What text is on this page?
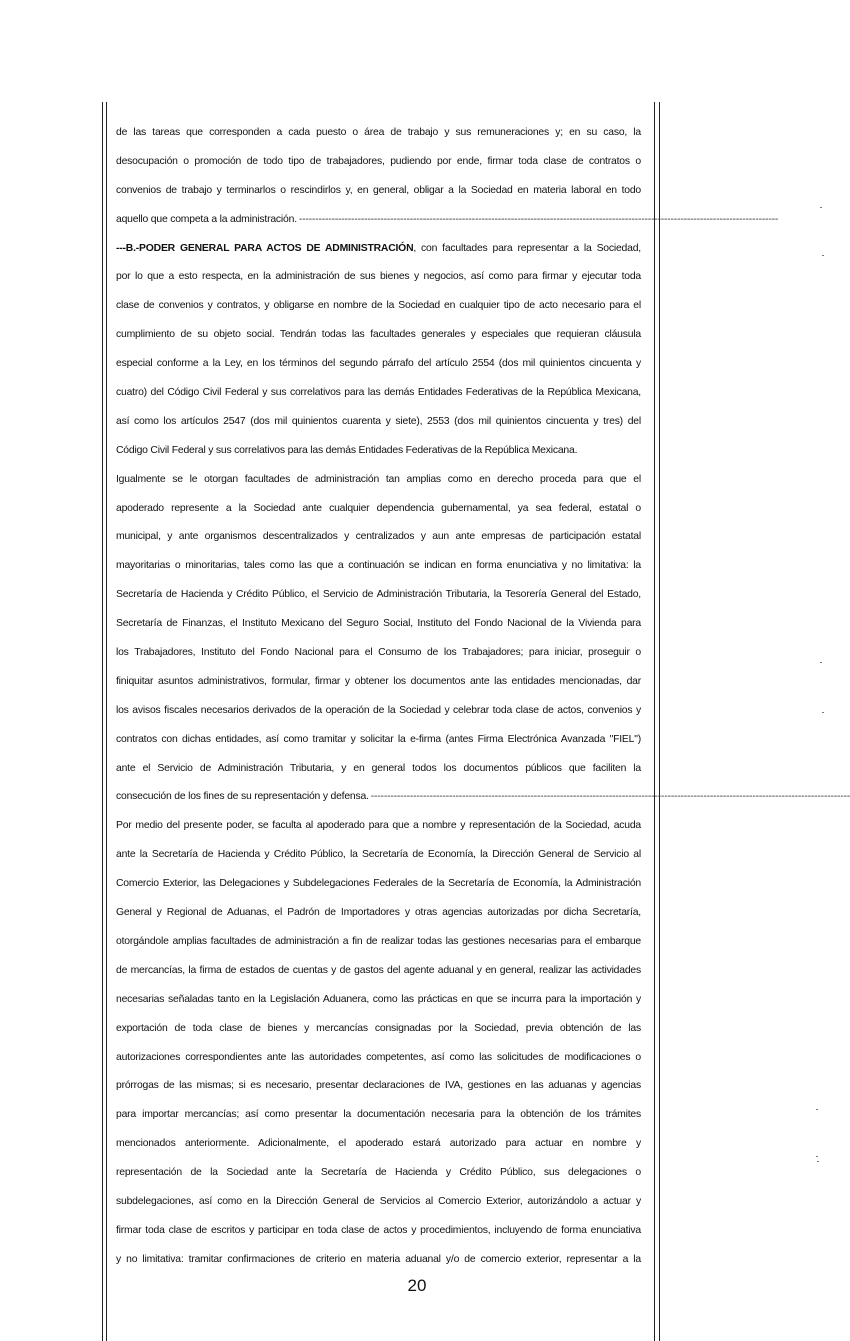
de las tareas que corresponden a cada puesto o área de trabajo y sus remuneraciones y; en su caso, la
desocupación o promoción de todo tipo de trabajadores, pudiendo por ende, firmar toda clase de contratos o
convenios de trabajo y terminarlos o rescindirlos y, en general, obligar a la Sociedad en materia laboral en todo
aquello que competa a la administración. ---------------------------------------------------------------------------------------------------------------------------------------------------
---B.-PODER GENERAL PARA ACTOS DE ADMINISTRACIÓN, con facultades para representar a la Sociedad,
por lo que a esto respecta, en la administración de sus bienes y negocios, así como para firmar y ejecutar toda
clase de convenios y contratos, y obligarse en nombre de la Sociedad en cualquier tipo de acto necesario para el
cumplimiento de su objeto social. Tendrán todas las facultades generales y especiales que requieran cláusula
especial conforme a la Ley, en los términos del segundo párrafo del artículo 2554 (dos mil quinientos cincuenta y
cuatro) del Código Civil Federal y sus correlativos para las demás Entidades Federativas de la República Mexicana,
así como los artículos 2547 (dos mil quinientos cuarenta y siete), 2553 (dos mil quinientos cincuenta y tres) del
Código Civil Federal y sus correlativos para las demás Entidades Federativas de la República Mexicana.
Igualmente se le otorgan facultades de administración tan amplias como en derecho proceda para que el
apoderado represente a la Sociedad ante cualquier dependencia gubernamental, ya sea federal, estatal o
municipal, y ante organismos descentralizados y centralizados y aun ante empresas de participación estatal
mayoritarias o minoritarias, tales como las que a continuación se indican en forma enunciativa y no limitativa: la
Secretaría de Hacienda y Crédito Público, el Servicio de Administración Tributaria, la Tesorería General del Estado,
Secretaría de Finanzas, el Instituto Mexicano del Seguro Social, Instituto del Fondo Nacional de la Vivienda para
los Trabajadores, Instituto del Fondo Nacional para el Consumo de los Trabajadores; para iniciar, proseguir o
finiquitar asuntos administrativos, formular, firmar y obtener los documentos ante las entidades mencionadas, dar
los avisos fiscales necesarios derivados de la operación de la Sociedad y celebrar toda clase de actos, convenios y
contratos con dichas entidades, así como tramitar y solicitar la e-firma (antes Firma Electrónica Avanzada "FIEL")
ante el Servicio de Administración Tributaria, y en general todos los documentos públicos que faciliten la
consecución de los fines de su representación y defensa. ---------------------------------------------------------------------------------------------------------------------------------------------------
Por medio del presente poder, se faculta al apoderado para que a nombre y representación de la Sociedad, acuda
ante la Secretaría de Hacienda y Crédito Público, la Secretaría de Economía, la Dirección General de Servicio al
Comercio Exterior, las Delegaciones y Subdelegaciones Federales de la Secretaría de Economía, la Administración
General y Regional de Aduanas, el Padrón de Importadores y otras agencias autorizadas por dicha Secretaría,
otorgándole amplias facultades de administración a fin de realizar todas las gestiones necesarias para el embarque
de mercancías, la firma de estados de cuentas y de gastos del agente aduanal y en general, realizar las actividades
necesarias señaladas tanto en la Legislación Aduanera, como las prácticas en que se incurra para la importación y
exportación de toda clase de bienes y mercancías consignadas por la Sociedad, previa obtención de las
autorizaciones correspondientes ante las autoridades competentes, así como las solicitudes de modificaciones o
prórrogas de las mismas; si es necesario, presentar declaraciones de IVA, gestiones en las aduanas y agencias
para importar mercancías; así como presentar la documentación necesaria para la obtención de los trámites
mencionados anteriormente. Adicionalmente, el apoderado estará autorizado para actuar en nombre y
representación de la Sociedad ante la Secretaría de Hacienda y Crédito Público, sus delegaciones o
subdelegaciones, así como en la Dirección General de Servicios al Comercio Exterior, autorizándolo a actuar y
firmar toda clase de escritos y participar en toda clase de actos y procedimientos, incluyendo de forma enunciativa
y no limitativa: tramitar confirmaciones de criterio en materia aduanal y/o de comercio exterior, representar a la
20
